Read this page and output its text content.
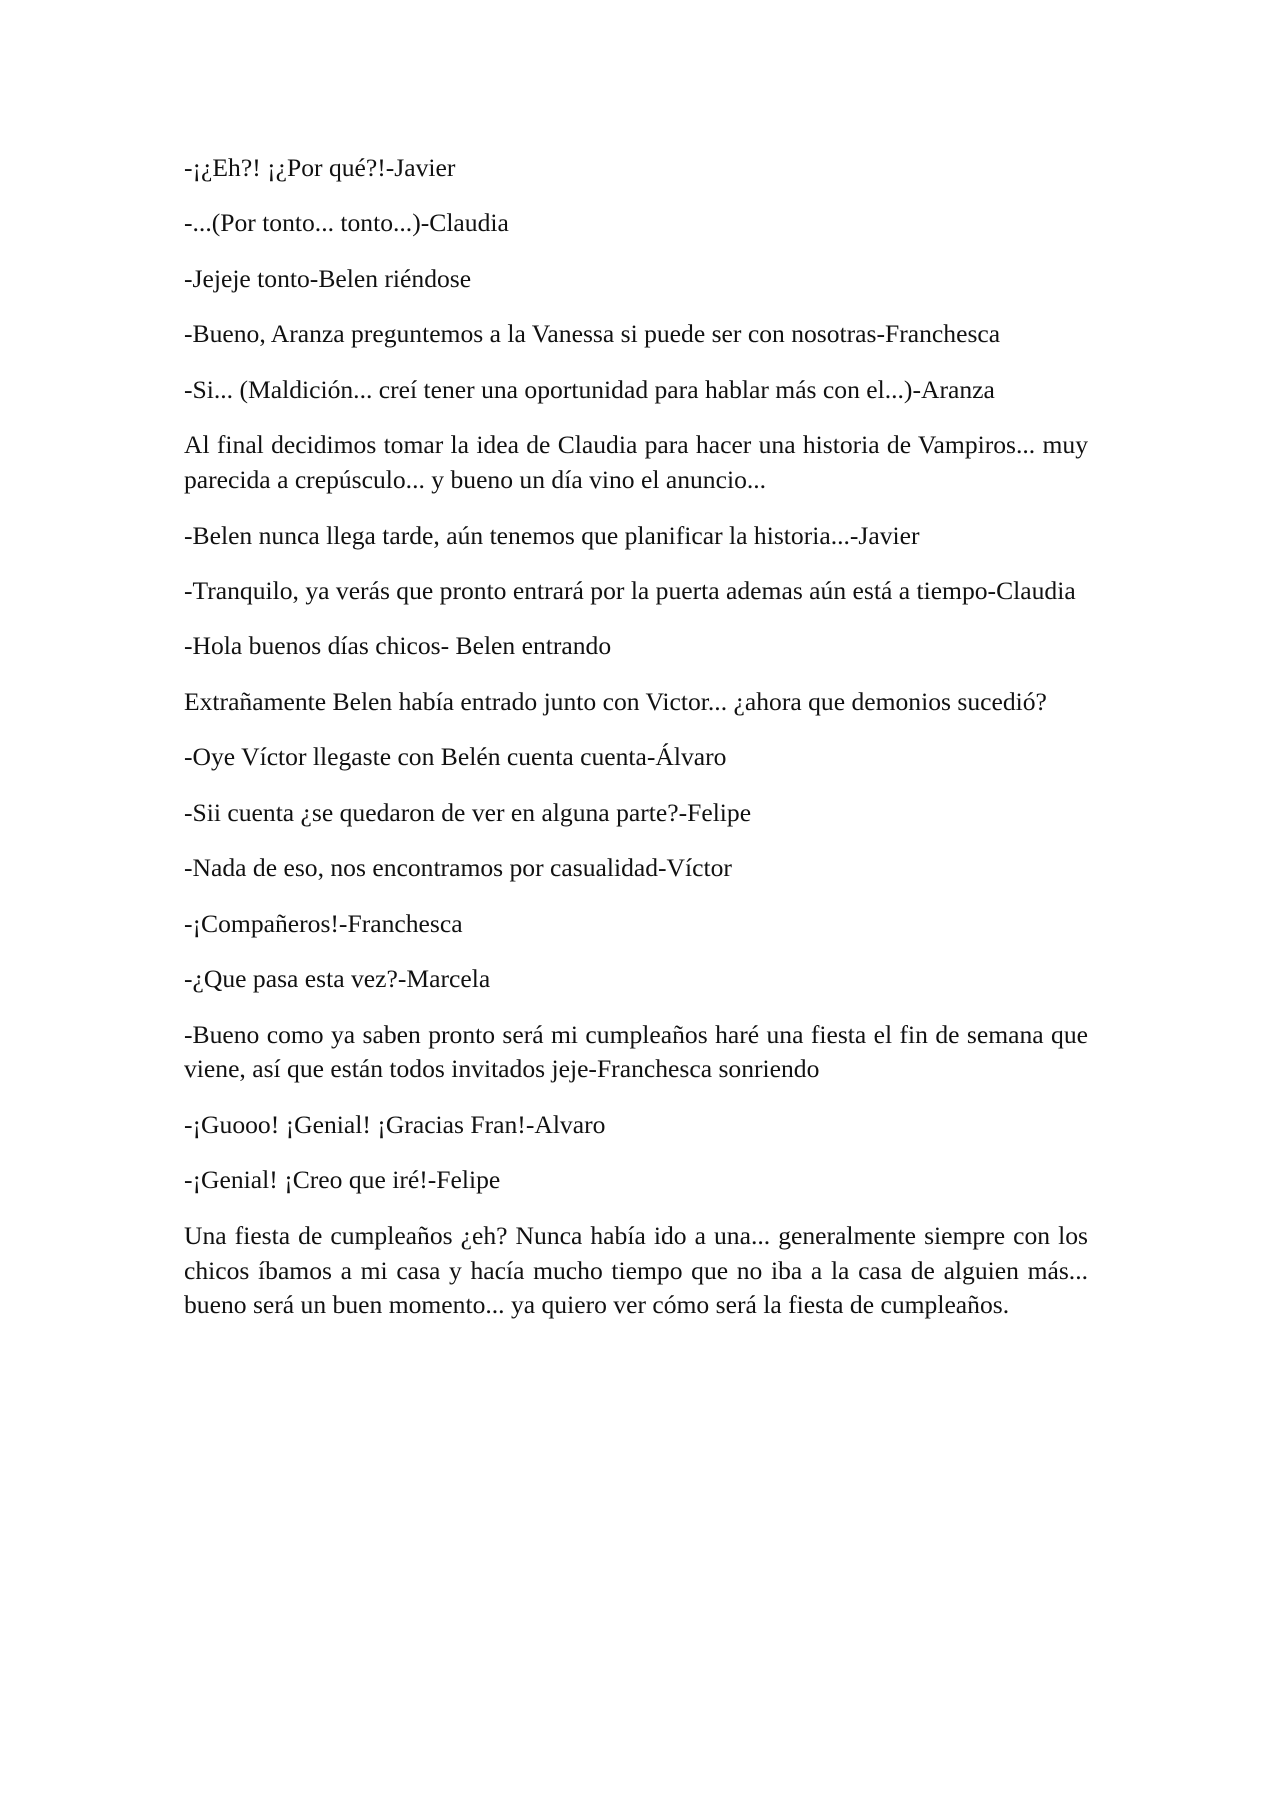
-¡¿Eh?! ¡¿Por qué?!-Javier

-...(Por tonto... tonto...)-Claudia

-Jejeje tonto-Belen riéndose

-Bueno, Aranza preguntemos a la Vanessa si puede ser con nosotras-Franchesca

-Si... (Maldición... creí tener una oportunidad para hablar más con el...)-Aranza

Al final decidimos tomar la idea de Claudia para hacer una historia de Vampiros... muy
parecida a crepúsculo... y bueno un día vino el anuncio...

-Belen nunca llega tarde, aún tenemos que planificar la historia...-Javier

-Tranquilo, ya verás que pronto entrará por la puerta ademas aún está a tiempo-Claudia

-Hola buenos días chicos- Belen entrando

Extrañamente Belen había entrado junto con Victor... ¿ahora que demonios sucedió?

-Oye Víctor llegaste con Belén cuenta cuenta-Álvaro

-Sii cuenta ¿se quedaron de ver en alguna parte?-Felipe

-Nada de eso, nos encontramos por casualidad-Víctor

-¡Compañeros!-Franchesca

-¿Que pasa esta vez?-Marcela

-Bueno como ya saben pronto será mi cumpleaños haré una fiesta el fin de semana que
viene, así que están todos invitados jeje-Franchesca sonriendo

-¡Guooo! ¡Genial! ¡Gracias Fran!-Alvaro

-¡Genial! ¡Creo que iré!-Felipe

Una fiesta de cumpleaños ¿eh? Nunca había ido a una... generalmente siempre con los
chicos íbamos a mi casa y hacía mucho tiempo que no iba a la casa de alguien más...
bueno será un buen momento... ya quiero ver cómo será la fiesta de cumpleaños.
